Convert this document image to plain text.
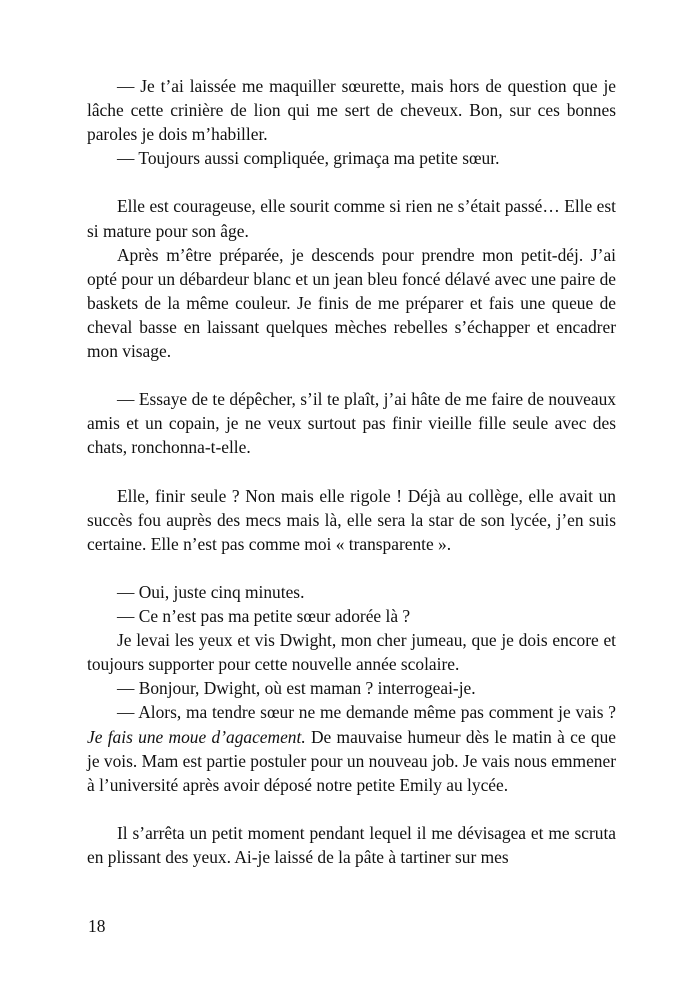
— Je t’ai laissée me maquiller sœurette, mais hors de question que je lâche cette crinière de lion qui me sert de cheveux. Bon, sur ces bonnes paroles je dois m’habiller.

— Toujours aussi compliquée, grimaça ma petite sœur.

Elle est courageuse, elle sourit comme si rien ne s’était passé… Elle est si mature pour son âge.

Après m’être préparée, je descends pour prendre mon petit-déj. J’ai opté pour un débardeur blanc et un jean bleu foncé délavé avec une paire de baskets de la même couleur. Je finis de me préparer et fais une queue de cheval basse en laissant quelques mèches rebelles s’échapper et encadrer mon visage.

— Essaye de te dépêcher, s’il te plaît, j’ai hâte de me faire de nouveaux amis et un copain, je ne veux surtout pas finir vieille fille seule avec des chats, ronchonna-t-elle.

Elle, finir seule ? Non mais elle rigole ! Déjà au collège, elle avait un succès fou auprès des mecs mais là, elle sera la star de son lycée, j’en suis certaine. Elle n’est pas comme moi « transparente ».

— Oui, juste cinq minutes.

— Ce n’est pas ma petite sœur adorée là ?

Je levai les yeux et vis Dwight, mon cher jumeau, que je dois encore et toujours supporter pour cette nouvelle année scolaire.

— Bonjour, Dwight, où est maman ? interrogeai-je.

— Alors, ma tendre sœur ne me demande même pas comment je vais ? Je fais une moue d’agacement. De mauvaise humeur dès le matin à ce que je vois. Mam est partie postuler pour un nouveau job. Je vais nous emmener à l’université après avoir déposé notre petite Emily au lycée.

Il s’arrêta un petit moment pendant lequel il me dévisagea et me scruta en plissant des yeux. Ai-je laissé de la pâte à tartiner sur mes

18
